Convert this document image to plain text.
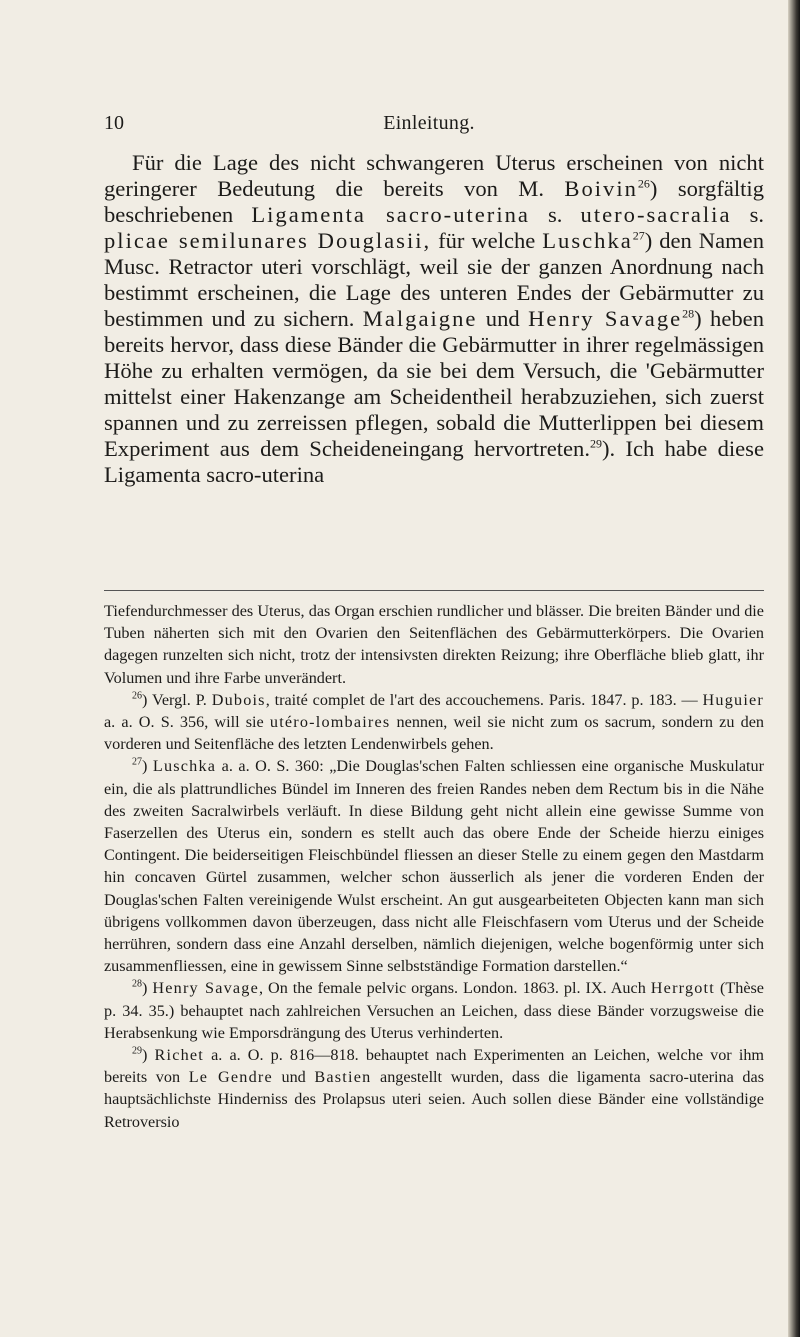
10	Einleitung.

Für die Lage des nicht schwangeren Uterus erscheinen von nicht geringerer Bedeutung die bereits von M. Boivin$^{26}$) sorgfältig beschriebenen Ligamenta sacro-uterina s. utero-sacralia s. plicae semilunares Douglasii, für welche Luschka$^{27}$) den Namen Musc. Retractor uteri vorschlägt, weil sie der ganzen Anordnung nach bestimmt erscheinen, die Lage des unteren Endes der Gebärmutter zu bestimmen und zu sichern. Malgaigne und Henry Savage$^{28}$) heben bereits hervor, dass diese Bänder die Gebärmutter in ihrer regelmässigen Höhe zu erhalten vermögen, da sie bei dem Versuch, die 'Gebärmutter mittelst einer Hakenzange am Scheidentheil herabzuziehen, sich zuerst spannen und zu zerreissen pflegen, sobald die Mutterlippen bei diesem Experiment aus dem Scheideneingang hervortreten.$^{29}$). Ich habe diese Ligamenta sacro-uterina

Tiefendurchmesser des Uterus, das Organ erschien rundlicher und blässer. Die breiten Bänder und die Tuben näherten sich mit den Ovarien den Seitenflächen des Gebärmutterkörpers. Die Ovarien dagegen runzelten sich nicht, trotz der intensivsten direkten Reizung; ihre Oberfläche blieb glatt, ihr Volumen und ihre Farbe unverändert.

$^{26}$) Vergl. P. Dubois, traité complet de l'art des accouchemens. Paris. 1847. p. 183. — Huguier a. a. O. S. 356, will sie utéro-lombaires nennen, weil sie nicht zum os sacrum, sondern zu den vorderen und Seitenfläche des letzten Lendenwirbels gehen.

$^{27}$) Luschka a. a. O. S. 360: „Die Douglas'schen Falten schliessen eine organische Muskulatur ein, die als plattrundliches Bündel im Inneren des freien Randes neben dem Rectum bis in die Nähe des zweiten Sacralwirbels verläuft. In diese Bildung geht nicht allein eine gewisse Summe von Faserzellen des Uterus ein, sondern es stellt auch das obere Ende der Scheide hierzu einiges Contingent. Die beiderseitigen Fleischbündel fliessen an dieser Stelle zu einem gegen den Mastdarm hin concaven Gürtel zusammen, welcher schon äusserlich als jener die vorderen Enden der Douglas'schen Falten vereinigende Wulst erscheint. An gut ausgearbeiteten Objecten kann man sich übrigens vollkommen davon überzeugen, dass nicht alle Fleischfasern vom Uterus und der Scheide herrühren, sondern dass eine Anzahl derselben, nämlich diejenigen, welche bogenförmig unter sich zusammenfliessen, eine in gewissem Sinne selbstständige Formation darstellen.“

$^{28}$) Henry Savage, On the female pelvic organs. London. 1863. pl. IX. Auch Herrgott (Thèse p. 34. 35.) behauptet nach zahlreichen Versuchen an Leichen, dass diese Bänder vorzugsweise die Herabsenkung wie Emporsdrängung des Uterus verhinderten.

$^{29}$) Richet a. a. O. p. 816—818. behauptet nach Experimenten an Leichen, welche vor ihm bereits von Le Gendre und Bastien angestellt wurden, dass die ligamenta sacro-uterina das hauptsächlichste Hinderniss des Prolapsus uteri seien. Auch sollen diese Bänder eine vollständige Retroversio
